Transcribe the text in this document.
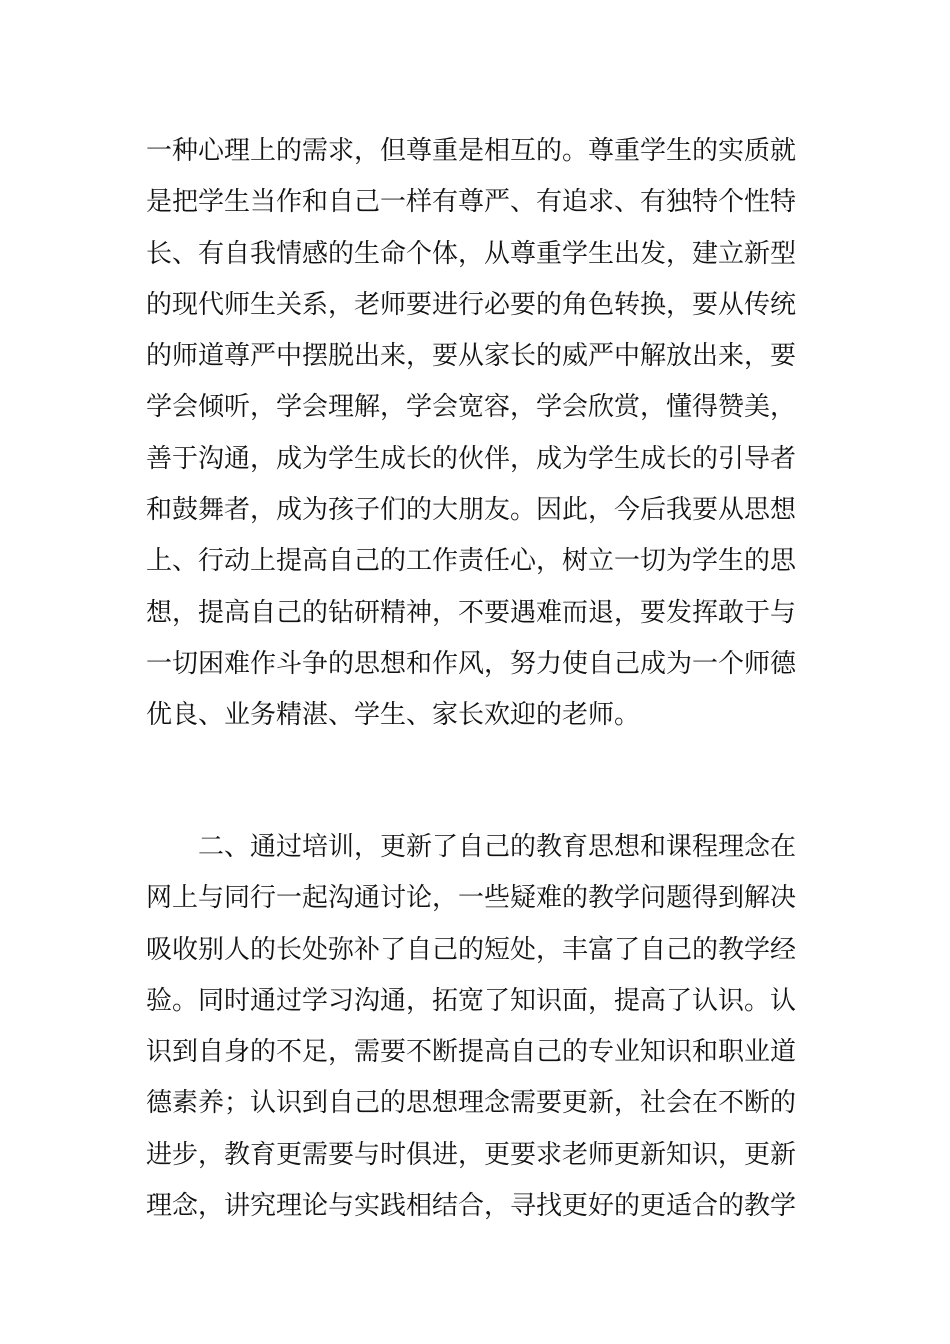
一种心理上的需求，但尊重是相互的。尊重学生的实质就
是把学生当作和自己一样有尊严、有追求、有独特个性特
长、有自我情感的生命个体，从尊重学生出发，建立新型
的现代师生关系，老师要进行必要的角色转换，要从传统
的师道尊严中摆脱出来，要从家长的威严中解放出来，要
学会倾听，学会理解，学会宽容，学会欣赏，懂得赞美，
善于沟通，成为学生成长的伙伴，成为学生成长的引导者
和鼓舞者，成为孩子们的大朋友。因此，今后我要从思想
上、行动上提高自己的工作责任心，树立一切为学生的思
想，提高自己的钻研精神，不要遇难而退，要发挥敢于与
一切困难作斗争的思想和作风，努力使自己成为一个师德
优良、业务精湛、学生、家长欢迎的老师。
二、通过培训，更新了自己的教育思想和课程理念在
网上与同行一起沟通讨论，一些疑难的教学问题得到解决
吸收别人的长处弥补了自己的短处，丰富了自己的教学经
验。同时通过学习沟通，拓宽了知识面，提高了认识。认
识到自身的不足，需要不断提高自己的专业知识和职业道
德素养；认识到自己的思想理念需要更新，社会在不断的
进步，教育更需要与时俱进，更要求老师更新知识，更新
理念，讲究理论与实践相结合，寻找更好的更适合的教学
